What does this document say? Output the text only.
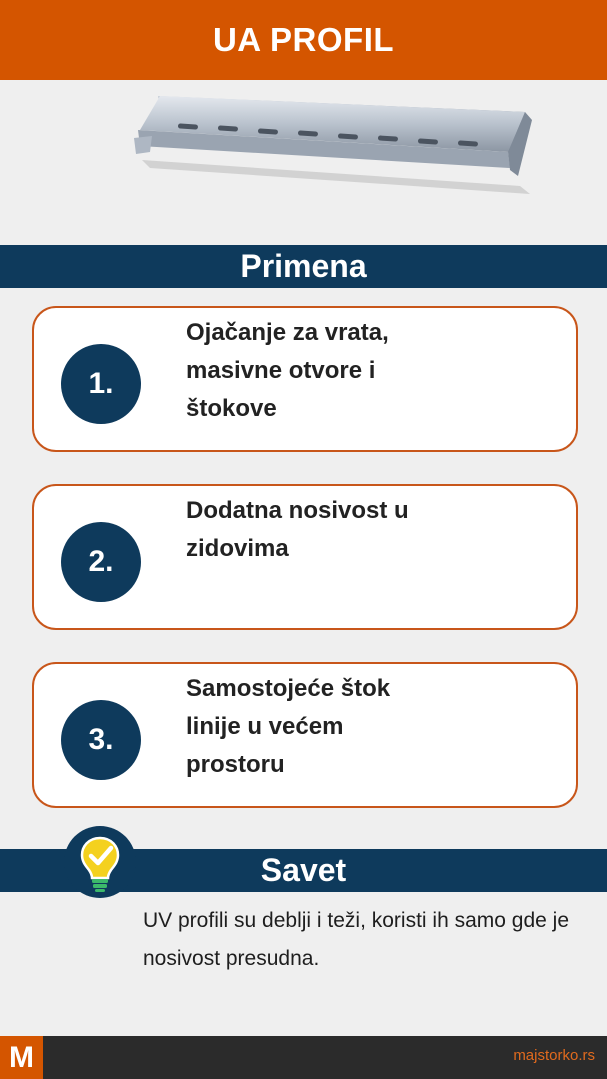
UA PROFIL
Primena
1.
Ojačanje za vrata, masivne otvore i štokove
2.
Dodatna nosivost u zidovima
3.
Samostojeće štok linije u većem prostoru
Savet
UV profili su deblji i teži, koristi ih samo gde je nosivost presudna.
M	majstorko.rs
